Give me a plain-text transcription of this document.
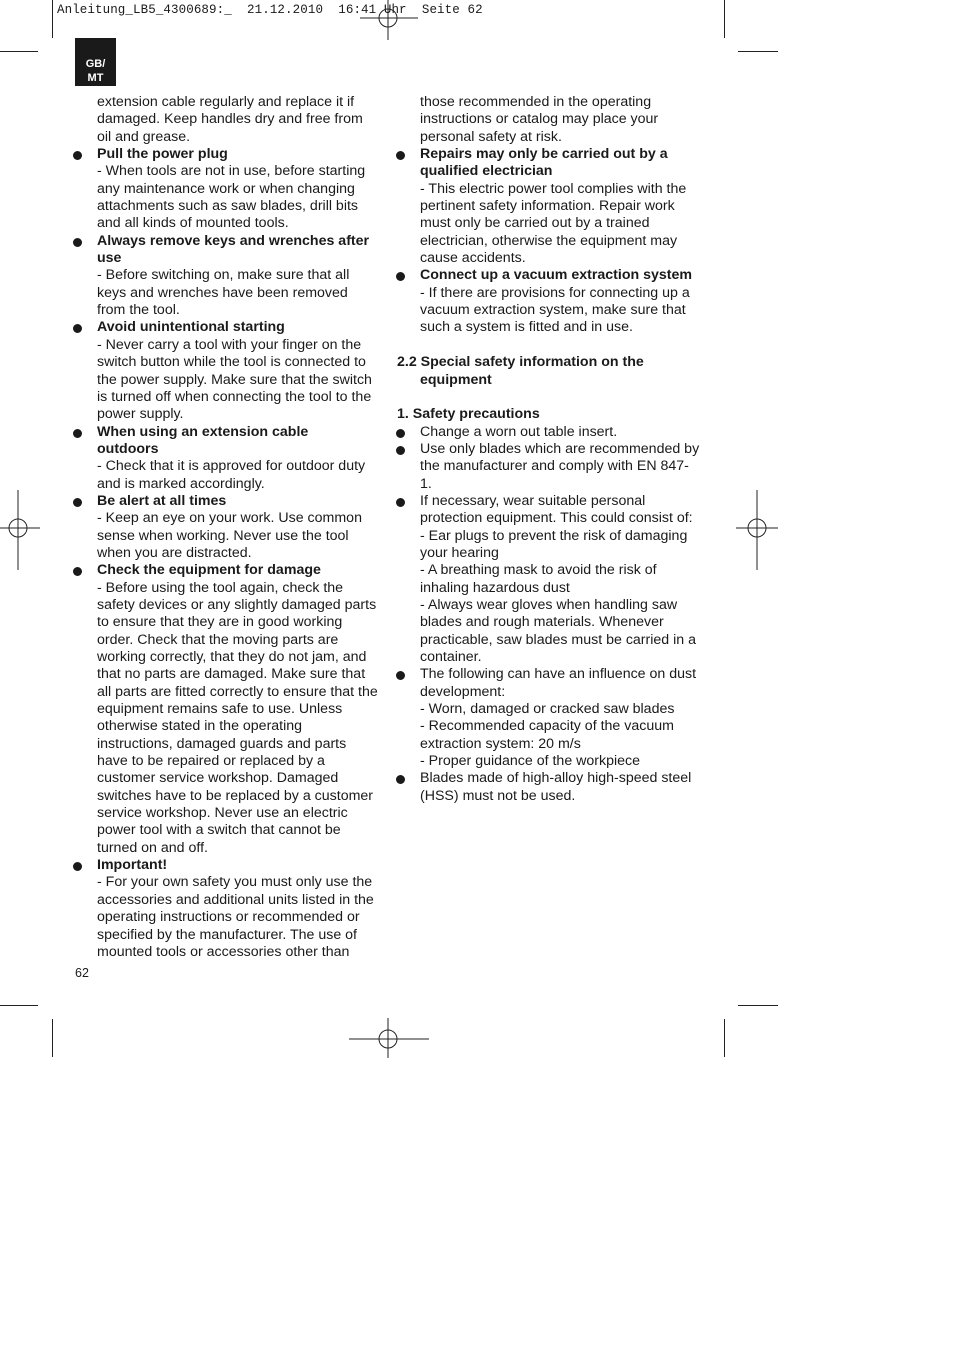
Anleitung_LB5_4300689:_  21.12.2010  16:41 Uhr  Seite 62
GB/
MT
extension cable regularly and replace it if
damaged. Keep handles dry and free from
oil and grease.
Pull the power plug
- When tools are not in use, before starting
any maintenance work or when changing
attachments such as saw blades, drill bits
and all kinds of mounted tools.
Always remove keys and wrenches after
use
- Before switching on, make sure that all
keys and wrenches have been removed
from the tool.
Avoid unintentional starting
- Never carry a tool with your finger on the
switch button while the tool is connected to
the power supply. Make sure that the switch
is turned off when connecting the tool to the
power supply.
When using an extension cable
outdoors
- Check that it is approved for outdoor duty
and is marked accordingly.
Be alert at all times
- Keep an eye on your work. Use common
sense when working. Never use the tool
when you are distracted.
Check the equipment for damage
- Before using the tool again, check the
safety devices or any slightly damaged parts
to ensure that they are in good working
order. Check that the moving parts are
working correctly, that they do not jam, and
that no parts are damaged. Make sure that
all parts are fitted correctly to ensure that the
equipment remains safe to use. Unless
otherwise stated in the operating
instructions, damaged guards and parts
have to be repaired or replaced by a
customer service workshop. Damaged
switches have to be replaced by a customer
service workshop. Never use an electric
power tool with a switch that cannot be
turned on and off.
Important!
- For your own safety you must only use the
accessories and additional units listed in the
operating instructions or recommended or
specified by the manufacturer. The use of
mounted tools or accessories other than
those recommended in the operating
instructions or catalog may place your
personal safety at risk.
Repairs may only be carried out by a
qualified electrician
- This electric power tool complies with the
pertinent safety information. Repair work
must only be carried out by a trained
electrician, otherwise the equipment may
cause accidents.
Connect up a vacuum extraction system
- If there are provisions for connecting up a
vacuum extraction system, make sure that
such a system is fitted and in use.
2.2 Special safety information on the
equipment
1. Safety precautions
Change a worn out table insert.
Use only blades which are recommended by
the manufacturer and comply with EN 847-
1.
If necessary, wear suitable personal
protection equipment. This could consist of:
- Ear plugs to prevent the risk of damaging
your hearing
- A breathing mask to avoid the risk of
inhaling hazardous dust
- Always wear gloves when handling saw
blades and rough materials. Whenever
practicable, saw blades must be carried in a
container.
The following can have an influence on dust
development:
- Worn, damaged or cracked saw blades
- Recommended capacity of the vacuum
extraction system: 20 m/s
- Proper guidance of the workpiece
Blades made of high-alloy high-speed steel
(HSS) must not be used.
62
